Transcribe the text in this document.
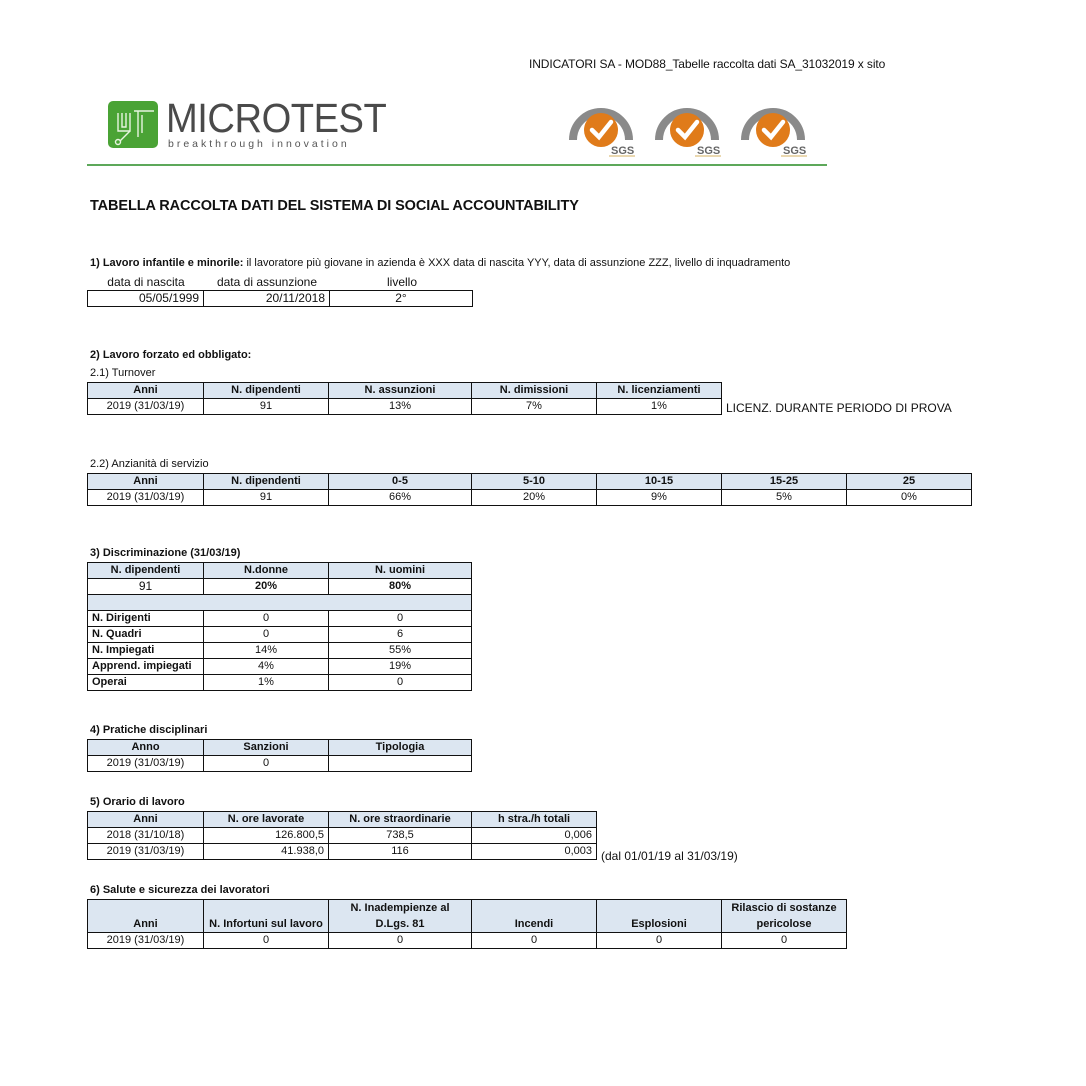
INDICATORI SA - MOD88_Tabelle raccolta dati SA_31032019 x sito
MICROTEST
breakthrough innovation
SGS	SGS	SGS
TABELLA RACCOLTA DATI DEL SISTEMA DI SOCIAL ACCOUNTABILITY
1) Lavoro infantile e minorile: il lavoratore più giovane in azienda è XXX data di nascita YYY, data di assunzione ZZZ, livello di inquadramento
data di nascita	data di assunzione	livello
05/05/1999	20/11/2018	2°
2) Lavoro forzato ed obbligato:
2.1) Turnover
Anni	N. dipendenti	N. assunzioni	N. dimissioni	N. licenziamenti
2019 (31/03/19)	91	13%	7%	1%	LICENZ. DURANTE PERIODO DI PROVA
2.2) Anzianità di servizio
Anni	N. dipendenti	0-5	5-10	10-15	15-25	25
2019 (31/03/19)	91	66%	20%	9%	5%	0%
3) Discriminazione (31/03/19)
N. dipendenti	N.donne	N. uomini
91	20%	80%

N. Dirigenti	0	0
N. Quadri	0	6
N. Impiegati	14%	55%
Apprend. impiegati	4%	19%
Operai	1%	0
4) Pratiche disciplinari
Anno	Sanzioni	Tipologia
2019 (31/03/19)	0	
5) Orario di lavoro
Anni	N. ore lavorate	N. ore straordinarie	h stra./h totali
2018 (31/10/18)	126.800,5	738,5	0,006
2019 (31/03/19)	41.938,0	116	0,003 (dal 01/01/19 al 31/03/19)
6) Salute e sicurezza dei lavoratori
Anni	N. Infortuni sul lavoro	N. Inadempienze al D.Lgs. 81	Incendi	Esplosioni	Rilascio di sostanze pericolose
2019 (31/03/19)	0	0	0	0	0
